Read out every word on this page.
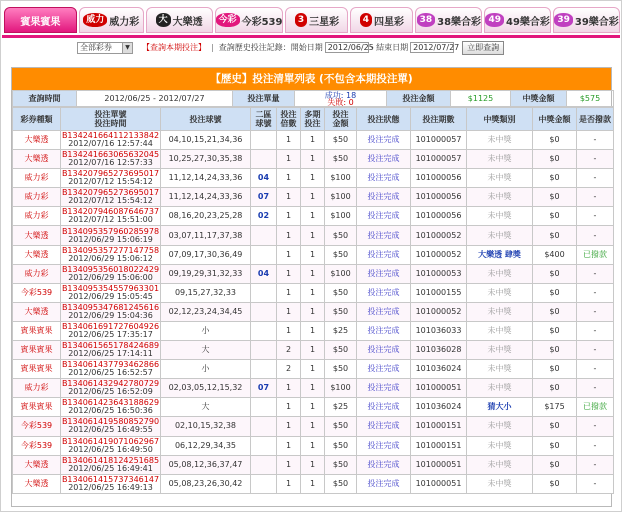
賓果賓果	威力 威力彩	大 大樂透	今彩 今彩539	3 三星彩	4 四星彩	38 38樂合彩 49 49樂合彩 39 39樂合彩
全部彩券	▼ 【查詢本期投注】 | 查詢歷史投注記錄：開始日期 2012/06/25
- 結束日期 2012/07/27 立即查詢
【歷史】投注清單列表 (不包含本期投注單)
查詢時間	2012/06/25 - 2012/07/27	投注單量	成功: 18
失敗: 0	投注金額	$1125	中獎金額	$575
彩券種類	投注單號
投注時間	投注球號	二區
球號	投注
倍數	多期
投注	投注
金額	投注狀態	投注期數	中獎類別	中獎金額	是否撥款
大樂透	B134241664112133842
2012/07/16 12:57:44	04,10,15,21,34,36		1	1	$50	投注完成	101000057	未中獎	$0	-
大樂透	B134241663065632045
2012/07/16 12:57:33	10,25,27,30,35,38		1	1	$50	投注完成	101000057	未中獎	$0	-
威力彩	B134207965273695017
2012/07/12 15:54:12	11,12,14,24,33,36	04	1	1	$100	投注完成	101000056	未中獎	$0	-
威力彩	B134207965273695017
2012/07/12 15:54:12	11,12,14,24,33,36	07	1	1	$100	投注完成	101000056	未中獎	$0	-
威力彩	B134207946087646737
2012/07/12 15:51:00	08,16,20,23,25,28	02	1	1	$100	投注完成	101000056	未中獎	$0	-
大樂透	B134095357960285978
2012/06/29 15:06:19	03,07,11,17,37,38		1	1	$50	投注完成	101000052	未中獎	$0	-
大樂透	B134095357277147758
2012/06/29 15:06:12	07,09,17,30,36,49		1	1	$50	投注完成	101000052	大樂透 肆獎	$400	已撥款
威力彩	B134095356018022429
2012/06/29 15:06:00	09,19,29,31,32,33	04	1	1	$100	投注完成	101000053	未中獎	$0	-
今彩539	B134095354557963301
2012/06/29 15:05:45	09,15,27,32,33		1	1	$50	投注完成	101000155	未中獎	$0	-
大樂透	B134095347681245616
2012/06/29 15:04:36	02,12,23,24,34,45		1	1	$50	投注完成	101000052	未中獎	$0	-
賓果賓果	B134061691727604926
2012/06/25 17:35:17	小		1	1	$25	投注完成	101036033	未中獎	$0	-
賓果賓果	B134061565178424689
2012/06/25 17:14:11	大		2	1	$50	投注完成	101036028	未中獎	$0	-
賓果賓果	B134061437793462866
2012/06/25 16:52:57	小		2	1	$50	投注完成	101036024	未中獎	$0	-
威力彩	B134061432942780729
2012/06/25 16:52:09	02,03,05,12,15,32	07	1	1	$100	投注完成	101000051	未中獎	$0	-
賓果賓果	B134061423643188629
2012/06/25 16:50:36	大		1	1	$25	投注完成	101036024	猜大小	$175	已撥款
今彩539	B134061419580852790
2012/06/25 16:49:55	02,10,15,32,38		1	1	$50	投注完成	101000151	未中獎	$0	-
今彩539	B134061419071062967
2012/06/25 16:49:50	06,12,29,34,35		1	1	$50	投注完成	101000151	未中獎	$0	-
大樂透	B134061418124251685
2012/06/25 16:49:41	05,08,12,36,37,47		1	1	$50	投注完成	101000051	未中獎	$0	-
大樂透	B134061415737346147
2012/06/25 16:49:13	05,08,23,26,30,42		1	1	$50	投注完成	101000051	未中獎	$0	-
